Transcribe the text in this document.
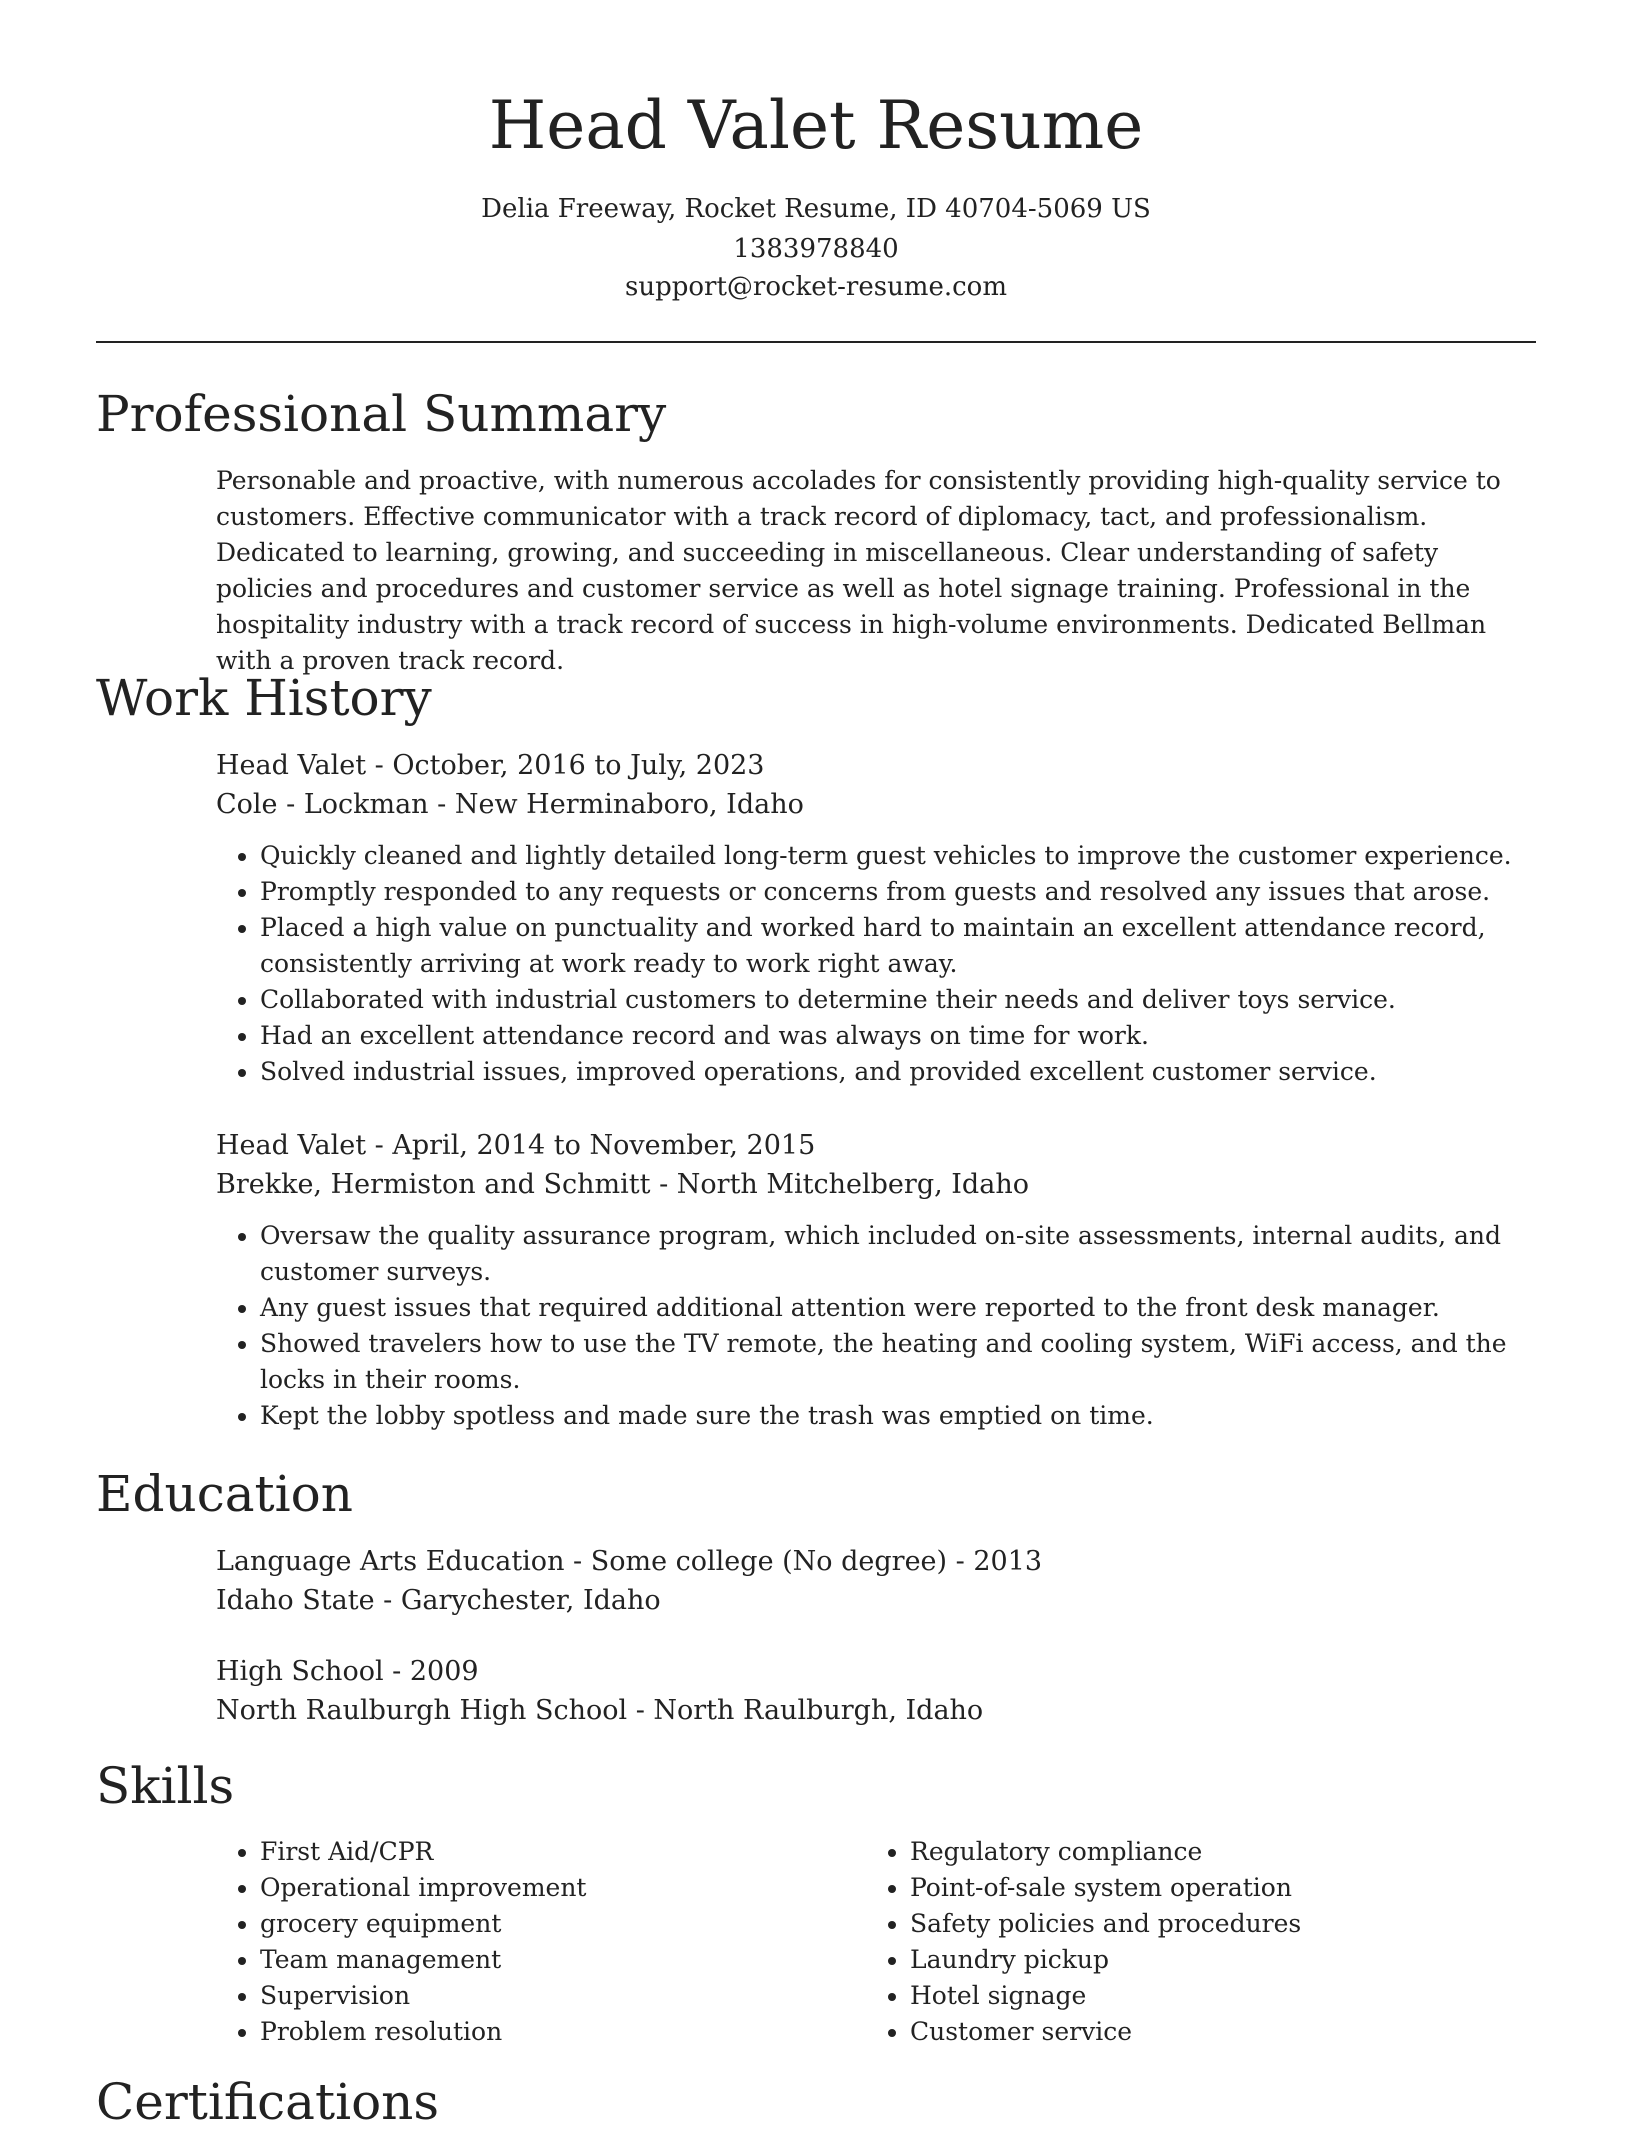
Head Valet Resume

Delia Freeway, Rocket Resume, ID 40704-5069 US

1383978840

support@rocket-resume.com

Professional Summary

Personable and proactive, with numerous accolades for consistently providing high-quality service to customers. Effective communicator with a track record of diplomacy, tact, and professionalism. Dedicated to learning, growing, and succeeding in miscellaneous. Clear understanding of safety policies and procedures and customer service as well as hotel signage training. Professional in the hospitality industry with a track record of success in high-volume environments. Dedicated Bellman with a proven track record.

Work History

Head Valet - October, 2016 to July, 2023

Cole - Lockman - New Herminaboro, Idaho

• Quickly cleaned and lightly detailed long-term guest vehicles to improve the customer experience.
• Promptly responded to any requests or concerns from guests and resolved any issues that arose.
• Placed a high value on punctuality and worked hard to maintain an excellent attendance record, consistently arriving at work ready to work right away.
• Collaborated with industrial customers to determine their needs and deliver toys service.
• Had an excellent attendance record and was always on time for work.
• Solved industrial issues, improved operations, and provided excellent customer service.

Head Valet - April, 2014 to November, 2015

Brekke, Hermiston and Schmitt - North Mitchelberg, Idaho

• Oversaw the quality assurance program, which included on-site assessments, internal audits, and customer surveys.
• Any guest issues that required additional attention were reported to the front desk manager.
• Showed travelers how to use the TV remote, the heating and cooling system, WiFi access, and the locks in their rooms.
• Kept the lobby spotless and made sure the trash was emptied on time.
Education

Language Arts Education - Some college (No degree) - 2013

Idaho State - Garychester, Idaho

High School - 2009

North Raulburgh High School - North Raulburgh, Idaho

Skills
• First Aid/CPR
• Operational improvement
• grocery equipment
• Team management
• Supervision
• Problem resolution
• Regulatory compliance
• Point-of-sale system operation
• Safety policies and procedures
• Laundry pickup
• Hotel signage
• Customer service
Certifications
